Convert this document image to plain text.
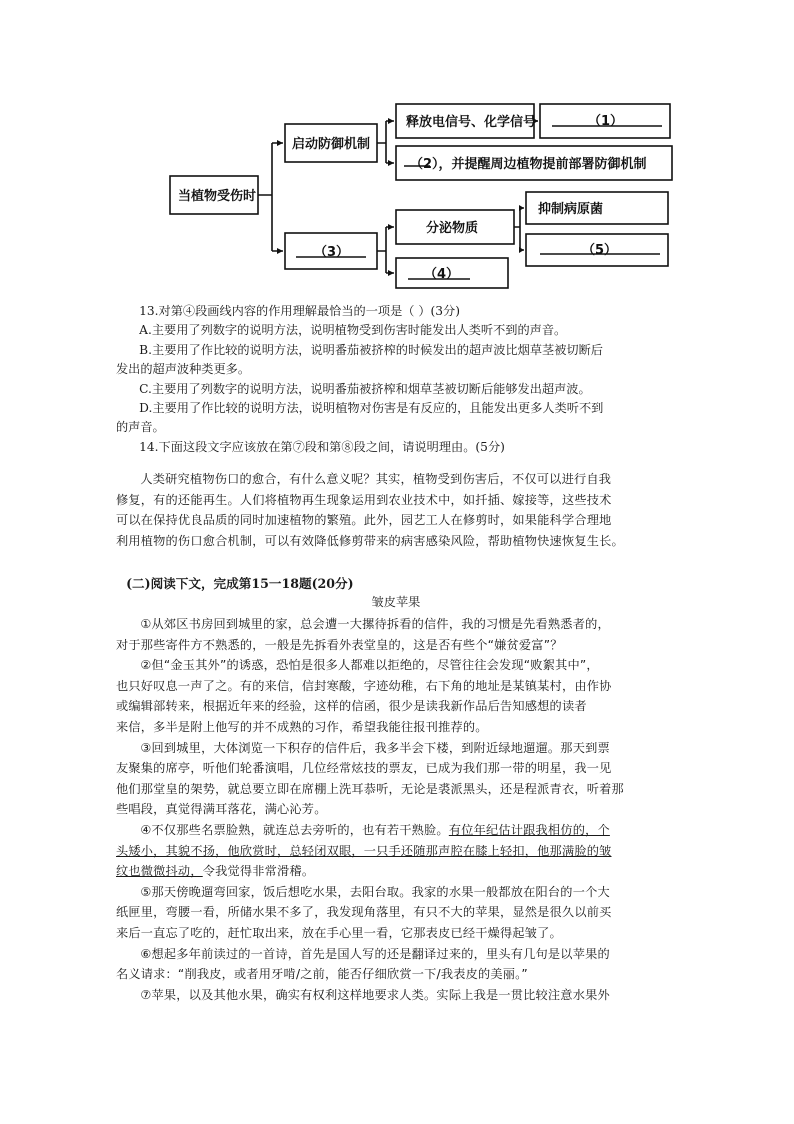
当植物受伤时
启动防御机制
释放电信号、化学信号	（1）
（2），并提醒周边植物提前部署防御机制
（3）
分泌物质
抑制病原菌
（5）
（4）

13.对第④段画线内容的作用理解最恰当的一项是（ ）(3分)

A.主要用了列数字的说明方法，说明植物受到伤害时能发出人类听不到的声音。

B.主要用了作比较的说明方法，说明番茄被挤榨的时候发出的超声波比烟草茎被切断后

发出的超声波种类更多。

C.主要用了列数字的说明方法，说明番茄被挤榨和烟草茎被切断后能够发出超声波。

D.主要用了作比较的说明方法，说明植物对伤害是有反应的，且能发出更多人类听不到

的声音。

14.下面这段文字应该放在第⑦段和第⑧段之间，请说明理由。(5分)

人类研究植物伤口的愈合，有什么意义呢？其实，植物受到伤害后，不仅可以进行自我

修复，有的还能再生。人们将植物再生现象运用到农业技术中，如扦插、嫁接等，这些技术

可以在保持优良品质的同时加速植物的繁殖。此外，园艺工人在修剪时，如果能科学合理地

利用植物的伤口愈合机制，可以有效降低修剪带来的病害感染风险，帮助植物快速恢复生长。

(二)阅读下文，完成第15一18题(20分)

皱皮苹果

①从郊区书房回到城里的家，总会遭一大摞待拆看的信件，我的习惯是先看熟悉者的，

对于那些寄件方不熟悉的，一般是先拆看外表堂皇的，这是否有些个“嫌贫爱富”？

②但“金玉其外”的诱惑，恐怕是很多人都难以拒绝的，尽管往往会发现“败絮其中”，

也只好叹息一声了之。有的来信，信封寒酸，字迹幼稚，右下角的地址是某镇某村，由作协

或编辑部转来，根据近年来的经验，这样的信函，很少是读我新作品后告知感想的读者

来信，多半是附上他写的并不成熟的习作，希望我能往报刊推荐的。

③回到城里，大体浏览一下积存的信件后，我多半会下楼，到附近绿地遛遛。那天到票

友聚集的席亭，听他们轮番演唱，几位经常炫技的票友，已成为我们那一带的明星，我一见

他们那堂皇的架势，就总要立即在席棚上洗耳恭听，无论是裘派黑头，还是程派青衣，听着那

些唱段，真觉得满耳落花，满心沁芳。

④不仅那些名票脸熟，就连总去旁听的，也有若干熟脸。有位年纪估计跟我相仿的，个

头矮小，其貌不扬，他欣赏时，总轻闭双眼，一只手还随那声腔在膝上轻扣，他那满脸的皱

纹也微微抖动，令我觉得非常滑稽。

⑤那天傍晚遛弯回家，饭后想吃水果，去阳台取。我家的水果一般都放在阳台的一个大

纸匣里，弯腰一看，所储水果不多了，我发现角落里，有只不大的苹果，显然是很久以前买

来后一直忘了吃的，赶忙取出来，放在手心里一看，它那表皮已经干燥得起皱了。

⑥想起多年前读过的一首诗，首先是国人写的还是翻译过来的，里头有几句是以苹果的

名义请求：“削我皮，或者用牙啃/之前，能否仔细欣赏一下/我表皮的美丽。”

⑦苹果，以及其他水果，确实有权利这样地要求人类。实际上我是一贯比较注意水果外
